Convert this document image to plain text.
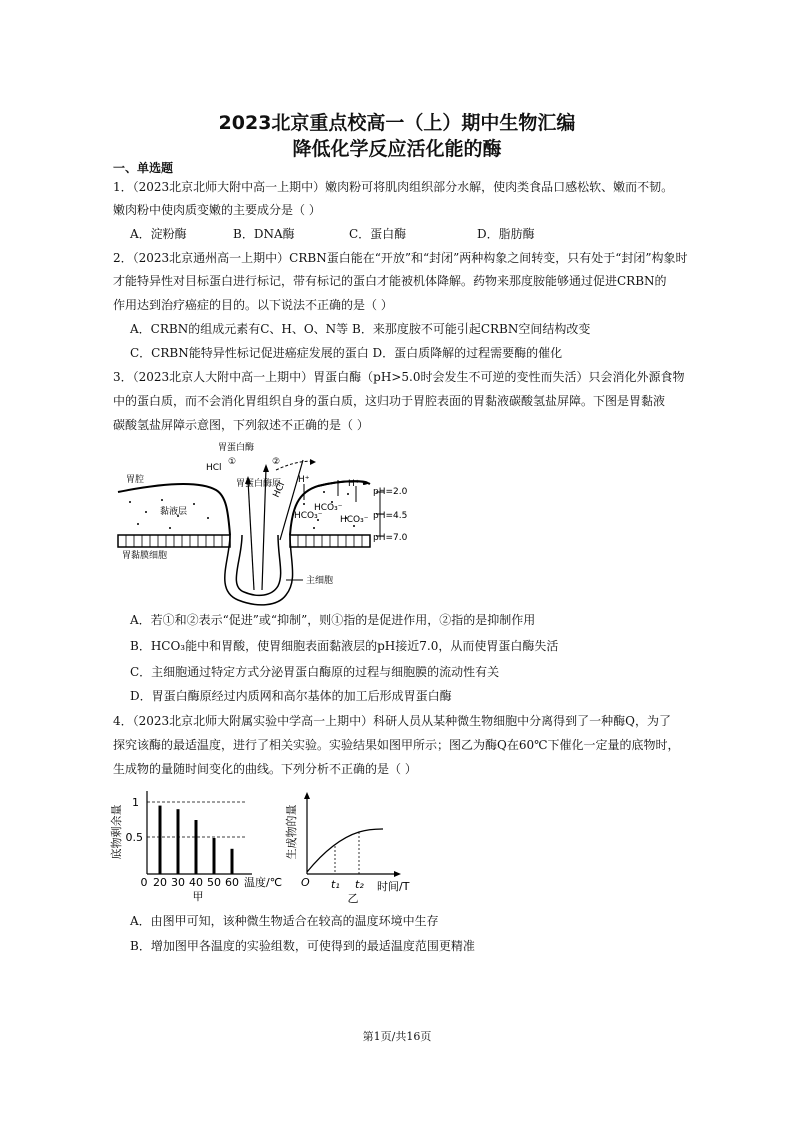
2023北京重点校高一（上）期中生物汇编
降低化学反应活化能的酶
一、单选题
1．（2023北京北师大附中高一上期中）嫩肉粉可将肌肉组织部分水解，使肉类食品口感松软、嫩而不韧。
嫩肉粉中使肉质变嫩的主要成分是（ ）
A．淀粉酶	B．DNA酶	C．蛋白酶	D．脂肪酶
2．（2023北京通州高一上期中）CRBN蛋白能在“开放”和“封闭”两种构象之间转变，只有处于“封闭”构象时
才能特异性对目标蛋白进行标记，带有标记的蛋白才能被机体降解。药物来那度胺能够通过促进CRBN的
作用达到治疗癌症的目的。以下说法不正确的是（ ）
A．CRBN的组成元素有C、H、O、N等 B．来那度胺不可能引起CRBN空间结构改变
C．CRBN能特异性标记促进癌症发展的蛋白 D．蛋白质降解的过程需要酶的催化
3．（2023北京人大附中高一上期中）胃蛋白酶（pH>5.0时会发生不可逆的变性而失活）只会消化外源食物
中的蛋白质，而不会消化胃组织自身的蛋白质，这归功于胃腔表面的胃黏液碳酸氢盐屏障。下图是胃黏液
碳酸氢盐屏障示意图，下列叙述不正确的是（ ）
胃蛋白酶
HCl
①	②
胃蛋白酶原
胃腔
黏液层
HCl
H⁺	H⁺
HCO₃⁻
HCO₃⁻
HCO₃⁻
pH=2.0
pH=4.5
pH=7.0
胃黏膜细胞
主细胞
A．若①和②表示“促进”或“抑制”，则①指的是促进作用，②指的是抑制作用
B．HCO₃能中和胃酸，使胃细胞表面黏液层的pH接近7.0，从而使胃蛋白酶失活
C．主细胞通过特定方式分泌胃蛋白酶原的过程与细胞膜的流动性有关
D．胃蛋白酶原经过内质网和高尔基体的加工后形成胃蛋白酶
4．（2023北京北师大附属实验中学高一上期中）科研人员从某种微生物细胞中分离得到了一种酶Q，为了
探究该酶的最适温度，进行了相关实验。实验结果如图甲所示；图乙为酶Q在60℃下催化一定量的底物时，
生成物的量随时间变化的曲线。下列分析不正确的是（ ）
20 30 40 50 60
1
0.5
0	温度/℃
底物剩余量
甲
O t₁ t₂ 时间/T
生成物的量
乙
A．由图甲可知，该种微生物适合在较高的温度环境中生存
B．增加图甲各温度的实验组数，可使得到的最适温度范围更精准
第1页/共16页
